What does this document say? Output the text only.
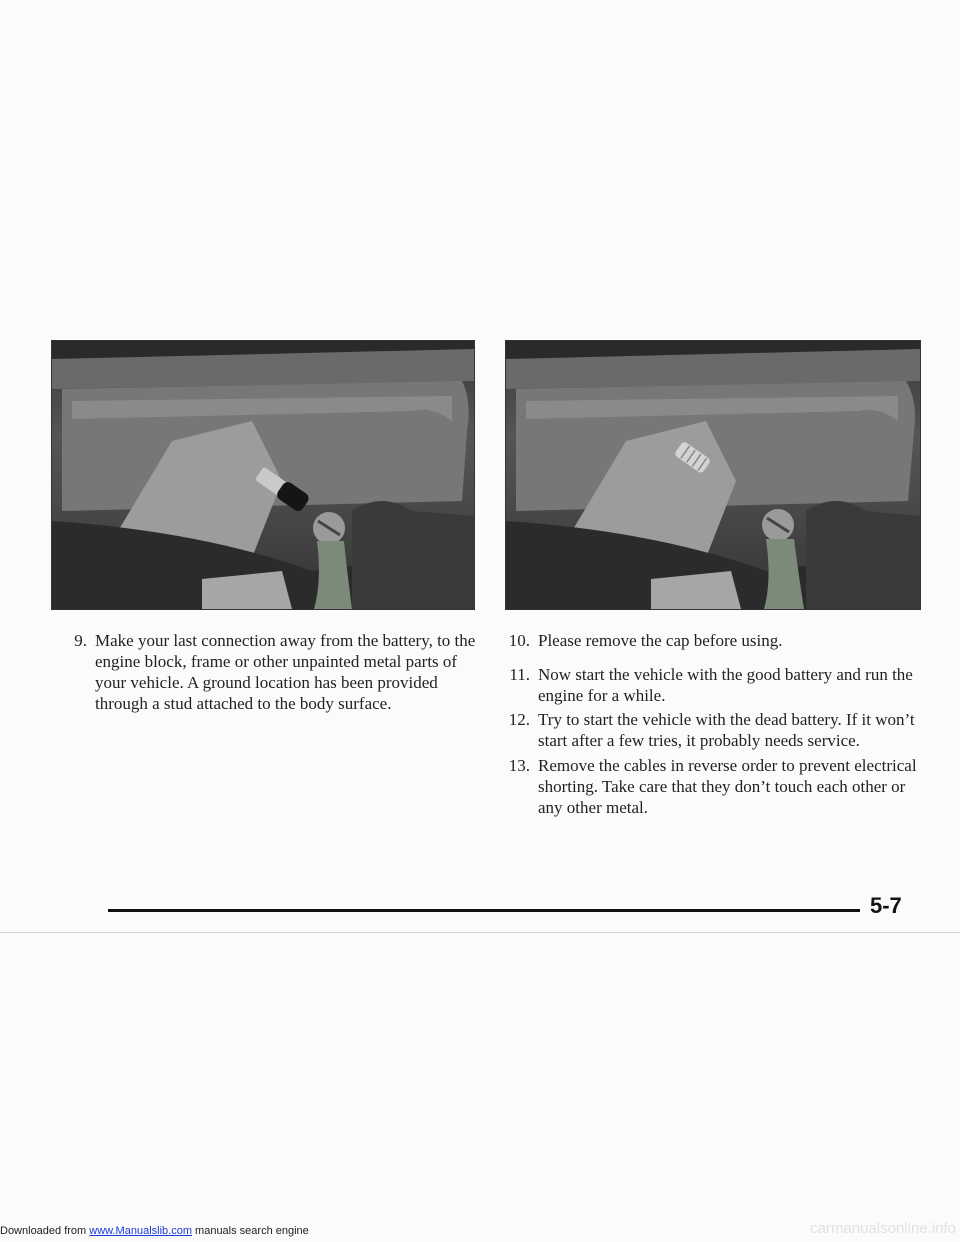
9. Make your last connection away from the battery, to the engine block, frame or other unpainted metal parts of your vehicle. A ground location has been provided through a stud attached to the body surface.
10. Please remove the cap before using.
11. Now start the vehicle with the good battery and run the engine for a while.
12. Try to start the vehicle with the dead battery. If it won’t start after a few tries, it probably needs service.
13. Remove the cables in reverse order to prevent electrical shorting. Take care that they don’t touch each other or any other metal.
5-7
Downloaded from www.Manualslib.com manuals search engine	carmanualsonline.info
